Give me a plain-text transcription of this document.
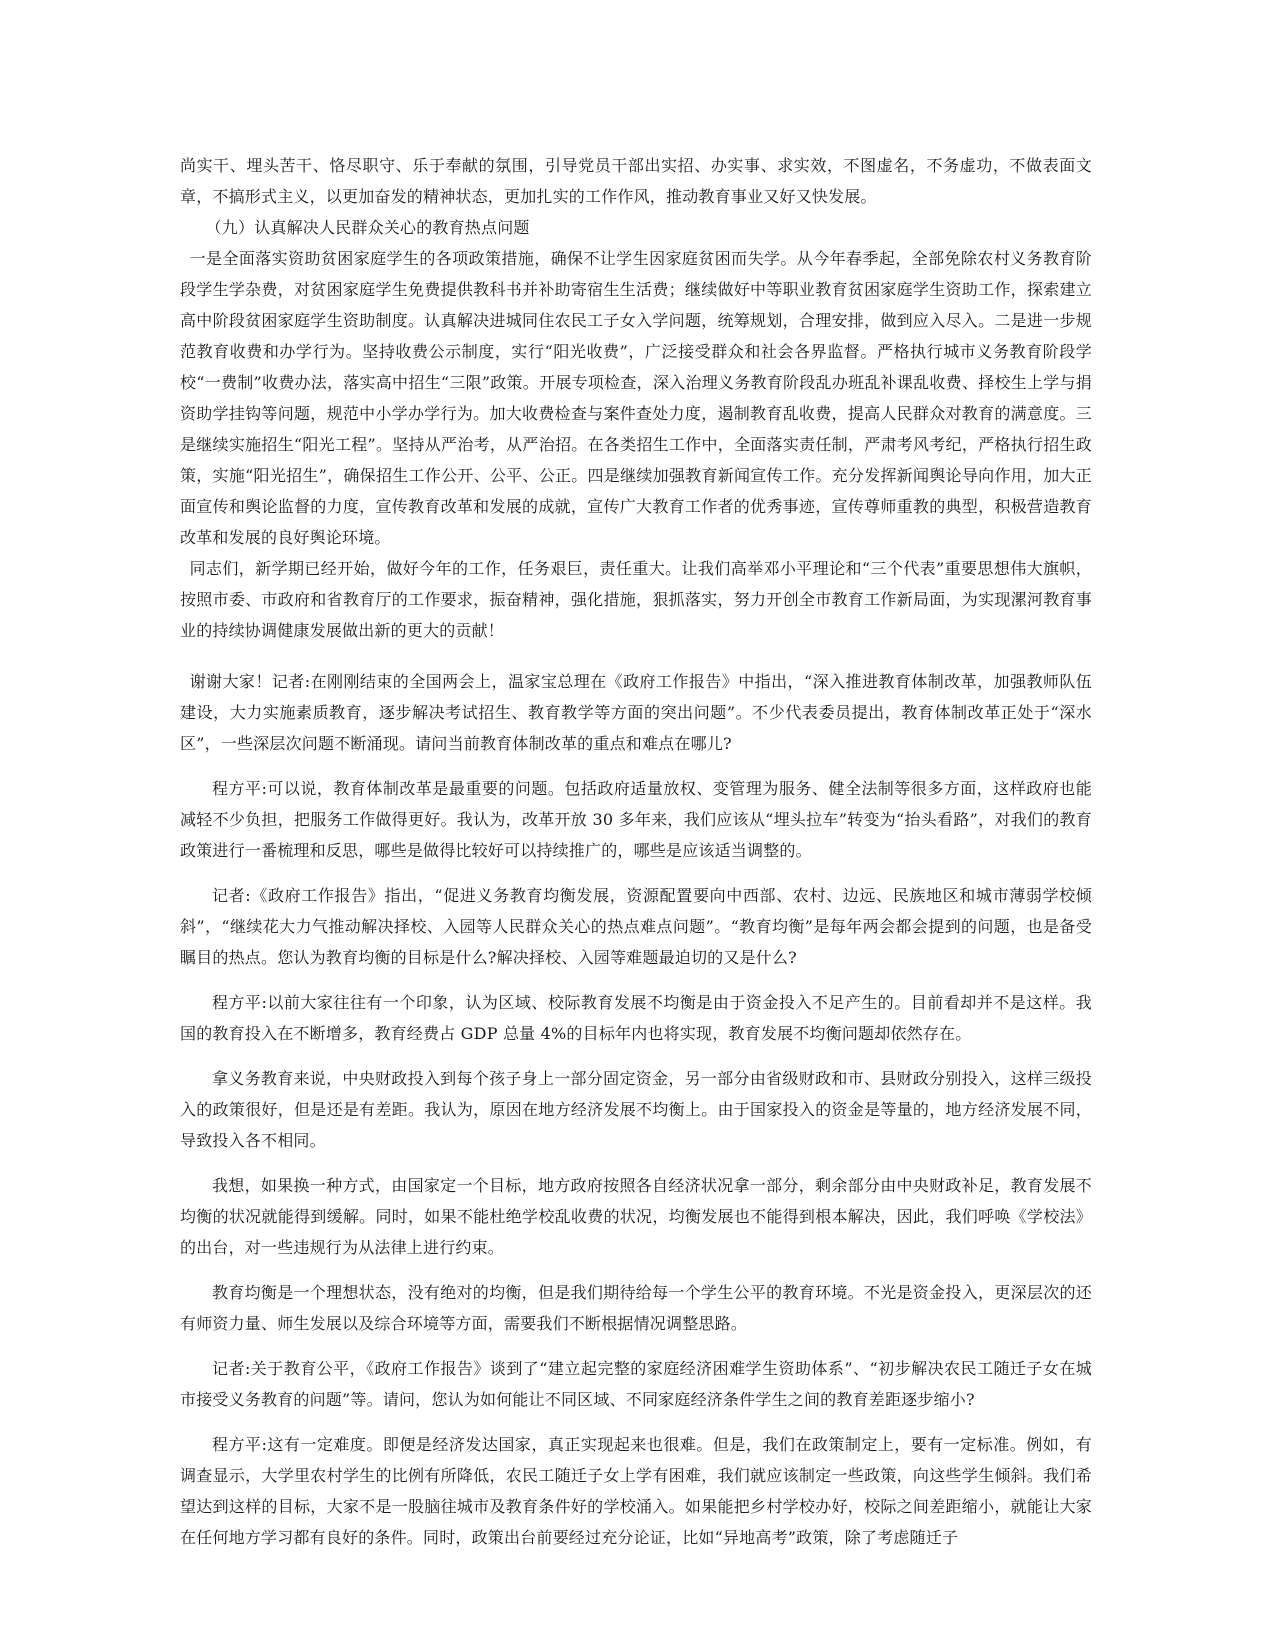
尚实干、埋头苦干、恪尽职守、乐于奉献的氛围，引导党员干部出实招、办实事、求实效，不图虚名，不务虚功，不做表面文章，不搞形式主义，以更加奋发的精神状态，更加扎实的工作作风，推动教育事业又好又快发展。

（九）认真解决人民群众关心的教育热点问题

一是全面落实资助贫困家庭学生的各项政策措施，确保不让学生因家庭贫困而失学。从今年春季起，全部免除农村义务教育阶段学生学杂费，对贫困家庭学生免费提供教科书并补助寄宿生生活费；继续做好中等职业教育贫困家庭学生资助工作，探索建立高中阶段贫困家庭学生资助制度。认真解决进城同住农民工子女入学问题，统筹规划，合理安排，做到应入尽入。二是进一步规范教育收费和办学行为。坚持收费公示制度，实行“阳光收费”，广泛接受群众和社会各界监督。严格执行城市义务教育阶段学校“一费制”收费办法，落实高中招生“三限”政策。开展专项检查，深入治理义务教育阶段乱办班乱补课乱收费、择校生上学与捐资助学挂钩等问题，规范中小学办学行为。加大收费检查与案件查处力度，遏制教育乱收费，提高人民群众对教育的满意度。三是继续实施招生“阳光工程”。坚持从严治考，从严治招。在各类招生工作中，全面落实责任制，严肃考风考纪，严格执行招生政策，实施“阳光招生”，确保招生工作公开、公平、公正。四是继续加强教育新闻宣传工作。充分发挥新闻舆论导向作用，加大正面宣传和舆论监督的力度，宣传教育改革和发展的成就，宣传广大教育工作者的优秀事迹，宣传尊师重教的典型，积极营造教育改革和发展的良好舆论环境。

同志们，新学期已经开始，做好今年的工作，任务艰巨，责任重大。让我们高举邓小平理论和“三个代表”重要思想伟大旗帜，按照市委、市政府和省教育厅的工作要求，振奋精神，强化措施，狠抓落实，努力开创全市教育工作新局面，为实现漯河教育事业的持续协调健康发展做出新的更大的贡献！

谢谢大家！记者:在刚刚结束的全国两会上，温家宝总理在《政府工作报告》中指出，“深入推进教育体制改革，加强教师队伍建设，大力实施素质教育，逐步解决考试招生、教育教学等方面的突出问题”。不少代表委员提出，教育体制改革正处于“深水区”，一些深层次问题不断涌现。请问当前教育体制改革的重点和难点在哪儿?

程方平:可以说，教育体制改革是最重要的问题。包括政府适量放权、变管理为服务、健全法制等很多方面，这样政府也能减轻不少负担，把服务工作做得更好。我认为，改革开放 30 多年来，我们应该从“埋头拉车”转变为“抬头看路”，对我们的教育政策进行一番梳理和反思，哪些是做得比较好可以持续推广的，哪些是应该适当调整的。

记者:《政府工作报告》指出，“促进义务教育均衡发展，资源配置要向中西部、农村、边远、民族地区和城市薄弱学校倾斜”，“继续花大力气推动解决择校、入园等人民群众关心的热点难点问题”。“教育均衡”是每年两会都会提到的问题，也是备受瞩目的热点。您认为教育均衡的目标是什么?解决择校、入园等难题最迫切的又是什么?

程方平:以前大家往往有一个印象，认为区域、校际教育发展不均衡是由于资金投入不足产生的。目前看却并不是这样。我国的教育投入在不断增多，教育经费占 GDP 总量 4%的目标年内也将实现，教育发展不均衡问题却依然存在。

拿义务教育来说，中央财政投入到每个孩子身上一部分固定资金，另一部分由省级财政和市、县财政分别投入，这样三级投入的政策很好，但是还是有差距。我认为，原因在地方经济发展不均衡上。由于国家投入的资金是等量的，地方经济发展不同，导致投入各不相同。

我想，如果换一种方式，由国家定一个目标，地方政府按照各自经济状况拿一部分，剩余部分由中央财政补足，教育发展不均衡的状况就能得到缓解。同时，如果不能杜绝学校乱收费的状况，均衡发展也不能得到根本解决，因此，我们呼唤《学校法》的出台，对一些违规行为从法律上进行约束。

教育均衡是一个理想状态，没有绝对的均衡，但是我们期待给每一个学生公平的教育环境。不光是资金投入，更深层次的还有师资力量、师生发展以及综合环境等方面，需要我们不断根据情况调整思路。

记者:关于教育公平，《政府工作报告》谈到了“建立起完整的家庭经济困难学生资助体系”、“初步解决农民工随迁子女在城市接受义务教育的问题”等。请问，您认为如何能让不同区域、不同家庭经济条件学生之间的教育差距逐步缩小?

程方平:这有一定难度。即便是经济发达国家，真正实现起来也很难。但是，我们在政策制定上，要有一定标准。例如，有调查显示，大学里农村学生的比例有所降低，农民工随迁子女上学有困难，我们就应该制定一些政策，向这些学生倾斜。我们希望达到这样的目标，大家不是一股脑往城市及教育条件好的学校涌入。如果能把乡村学校办好，校际之间差距缩小，就能让大家在任何地方学习都有良好的条件。同时，政策出台前要经过充分论证，比如“异地高考”政策，除了考虑随迁子
